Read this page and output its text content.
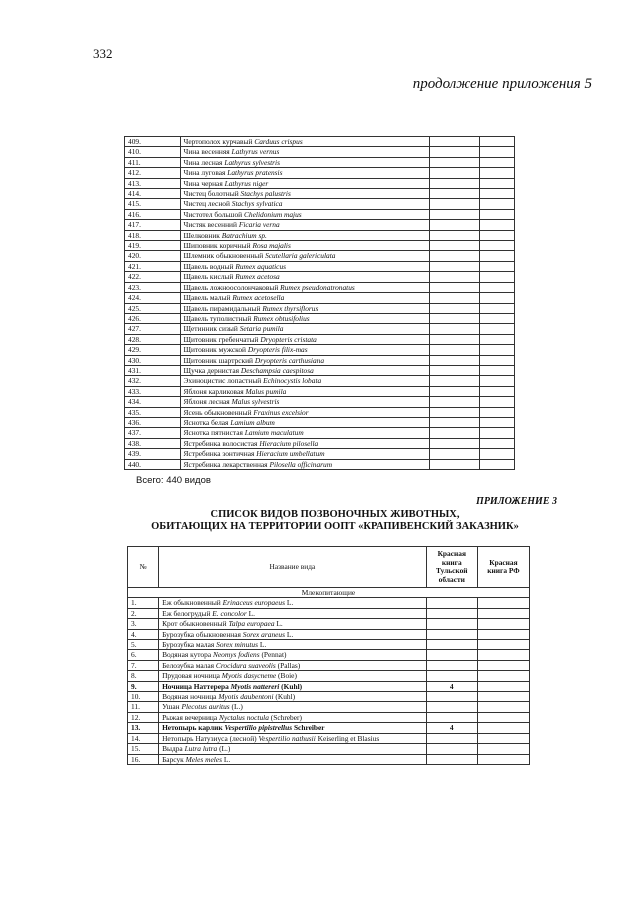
332
продолжение приложения 5
409.	Чертополох курчавый Carduus crispus		
410.	Чина весенняя Lathyrus vernus		
411.	Чина лесная Lathyrus sylvestris		
412.	Чина луговая Lathyrus pratensis		
413.	Чина черная Lathyrus niger		
414.	Чистец болотный Stachys palustris		
415.	Чистец лесной Stachys sylvatica		
416.	Чистотел большой Chelidonium majus		
417.	Чистяк весенний Ficaria verna		
418.	Шелковник Batrachium sp.		
419.	Шиповник коричный Rosa majalis		
420.	Шлемник обыкновенный Scutellaria galericulata		
421.	Щавель водный Rumex aquaticus		
422.	Щавель кислый Rumex acetosa		
423.	Щавель ложноосолончаковый Rumex pseudonatronatus		
424.	Щавель малый Rumex acetosella		
425.	Щавель пирамидальный Rumex thyrsiflorus		
426.	Щавель туполистный Rumex obtusifolius		
427.	Щетинник сизый Setaria pumila		
428.	Щитовник гребенчатый Dryopteris cristata		
429.	Щитовник мужской Dryopteris filix-mas		
430.	Щитовник шартрский Dryopteris carthusiana		
431.	Щучка дернистая Deschampsia caespitosa		
432.	Эхиноцистис лопастный Echinocystis lobata		
433.	Яблоня карликовая Malus pumila		
434.	Яблоня лесная Malus sylvestris		
435.	Ясень обыкновенный Fraxinus excelsior		
436.	Яснотка белая Lamium album		
437.	Яснотка пятнистая Lamium maculatum		
438.	Ястребинка волосистая Hieracium pilosella		
439.	Ястребинка зонтичная Hieracium umbellatum		
440.	Ястребинка лекарственная Pilosella officinarum		
Всего: 440 видов
ПРИЛОЖЕНИЕ 3
СПИСОК ВИДОВ ПОЗВОНОЧНЫХ ЖИВОТНЫХ,
ОБИТАЮЩИХ НА ТЕРРИТОРИИ ООПТ «КРАПИВЕНСКИЙ ЗАКАЗНИК»
№	Название вида	Красная книга Тульской области	Красная книга РФ
Млекопитающие			
1.	Еж обыкновенный Erinaceus europaeus L.		
2.	Еж белогрудый E. concolor L.		
3.	Крот обыкновенный Talpa europaea L.		
4.	Бурозубка обыкновенная Sorex araneus L.		
5.	Бурозубка малая Sorex minutus L.		
6.	Водяная кутора Neomys fodiens (Pennat)		
7.	Белозубка малая Crocidura suaveolis (Pallas)		
8.	Прудовая ночница Myotis dasycneme (Boie)		
9.	Ночница Наттерера Myotis nattereri (Kuhl)	4	
10.	Водяная ночница Myotis daubentoni (Kuhl)		
11.	Ушан Plecotus auritus (L.)		
12.	Рыжая вечерница Nyctalus noctula (Schreber)		
13.	Нетопырь карлик Vespertilio pipistrellus Schreiber	4	
14.	Нетопырь Натузиуса (лесной) Vespertilio nathusii Keiserling et Blasius		
15.	Выдра Lutra lutra (L.)		
16.	Барсук Meles meles L.		
